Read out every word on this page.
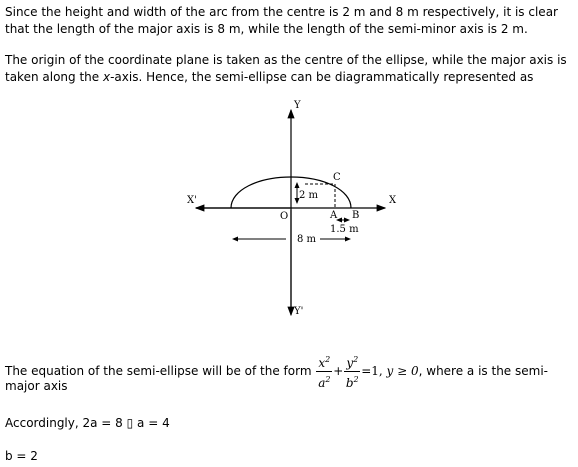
Since the height and width of the arc from the centre is 2 m and 8 m respectively, it is clear that the length of the major axis is 8 m, while the length of the semi-minor axis is 2 m.

The origin of the coordinate plane is taken as the centre of the ellipse, while the major axis is taken along the x-axis. Hence, the semi-ellipse can be diagrammatically represented as

Y
Y'
X
X'
O	A B
C
2 m
1.5 m
8 m
The equation of the semi-ellipse will be of the form $\frac{x^2}{a^2} + \frac{y^2}{b^2} =1$, y ≥ 0, where a is the semi-
major axis
Accordingly, 2a = 8 ▯ a = 4
b = 2
